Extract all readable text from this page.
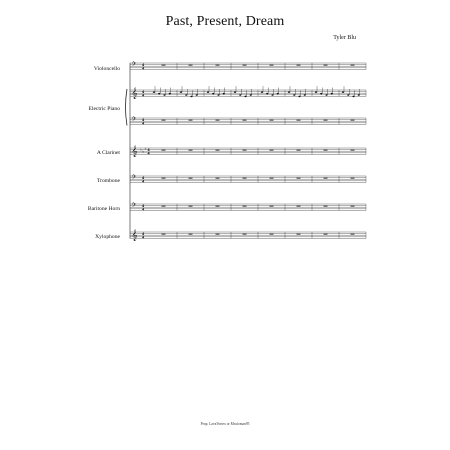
Past, Present, Dream
Tyler Blu
Violoncello
Electric Piano
A Clarinet
Trombone
Baritone Horn
Xylophone
𝄢 4
4
𝄞 4
4
𝄢 4
4
𝄞 ♭ ♭
♭ 4
4
𝄢 4
4
𝄢 4
4
𝄞 4
4
Prop. LavaVortex or Mxsicman95
